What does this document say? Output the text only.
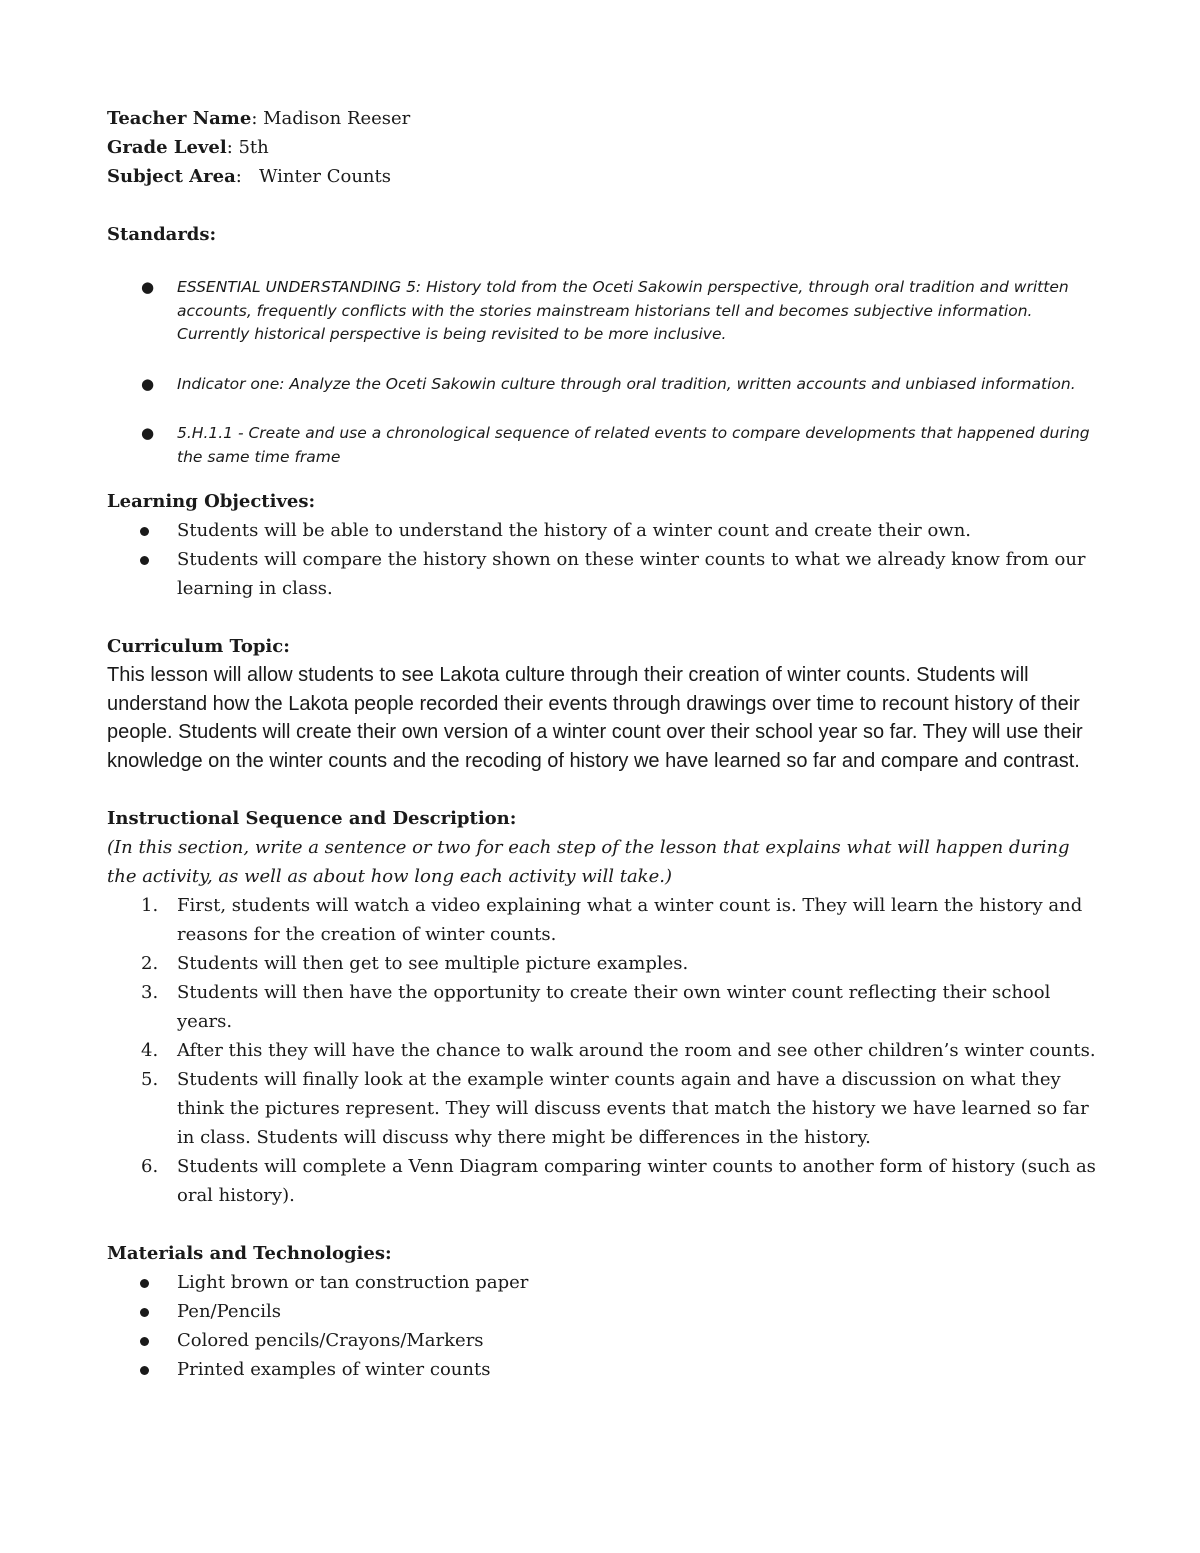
Teacher Name: Madison Reeser

Grade Level: 5th

Subject Area:   Winter Counts

Standards:

● ESSENTIAL UNDERSTANDING 5: History told from the Oceti Sakowin perspective, through oral tradition and written accounts, frequently conflicts with the stories mainstream historians tell and becomes subjective information. Currently historical perspective is being revisited to be more inclusive.
● Indicator one: Analyze the Oceti Sakowin culture through oral tradition, written accounts and unbiased information.
● 5.H.1.1 - Create and use a chronological sequence of related events to compare developments that happened during the same time frame

Learning Objectives:

Students will be able to understand the history of a winter count and create their own.
Students will compare the history shown on these winter counts to what we already know from our learning in class.

Curriculum Topic:

This lesson will allow students to see Lakota culture through their creation of winter counts. Students will understand how the Lakota people recorded their events through drawings over time to recount history of their people. Students will create their own version of a winter count over their school year so far. They will use their knowledge on the winter counts and the recoding of history we have learned so far and compare and contrast.

Instructional Sequence and Description:

(In this section, write a sentence or two for each step of the lesson that explains what will happen during the activity, as well as about how long each activity will take.)

1. First, students will watch a video explaining what a winter count is. They will learn the history and reasons for the creation of winter counts.
2. Students will then get to see multiple picture examples.
3. Students will then have the opportunity to create their own winter count reflecting their school years.
4. After this they will have the chance to walk around the room and see other children’s winter counts.
5. Students will finally look at the example winter counts again and have a discussion on what they think the pictures represent. They will discuss events that match the history we have learned so far in class. Students will discuss why there might be differences in the history.
6. Students will complete a Venn Diagram comparing winter counts to another form of history (such as oral history).

Materials and Technologies:

Light brown or tan construction paper
Pen/Pencils
Colored pencils/Crayons/Markers
Printed examples of winter counts
